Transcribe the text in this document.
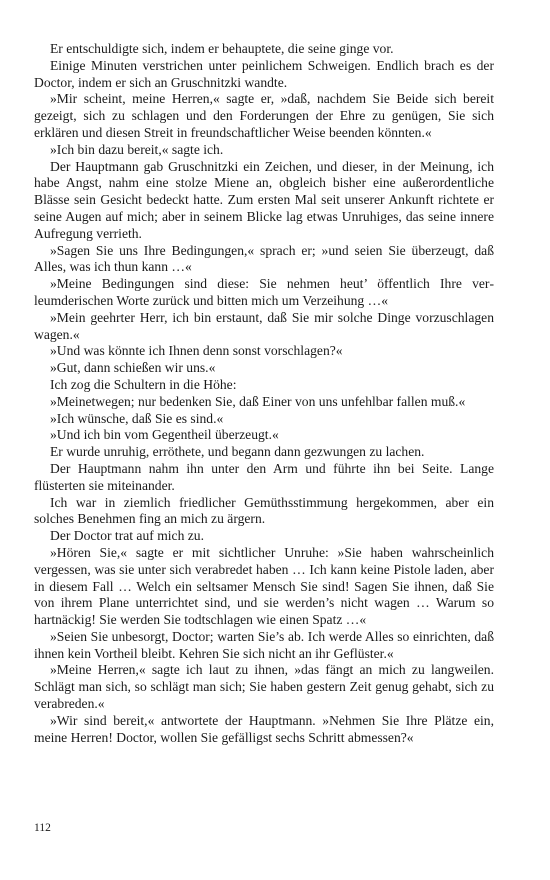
Er entschuldigte sich, indem er behauptete, die seine ginge vor.

Einige Minuten verstrichen unter peinlichem Schweigen. Endlich brach es der Doctor, indem er sich an Gruschnitzki wandte.

»Mir scheint, meine Herren,« sagte er, »daß, nachdem Sie Beide sich bereit gezeigt, sich zu schlagen und den Forderungen der Ehre zu genügen, Sie sich erklären und diesen Streit in freundschaftlicher Weise beenden könnten.«

»Ich bin dazu bereit,« sagte ich.

Der Hauptmann gab Gruschnitzki ein Zeichen, und dieser, in der Meinung, ich habe Angst, nahm eine stolze Miene an, obgleich bisher eine außerordentliche Blässe sein Gesicht bedeckt hatte. Zum ersten Mal seit unserer Ankunft richtete er seine Augen auf mich; aber in seinem Blicke lag etwas Unruhiges, das seine innere Aufregung verrieth.

»Sagen Sie uns Ihre Bedingungen,« sprach er; »und seien Sie überzeugt, daß Alles, was ich thun kann …«

»Meine Bedingungen sind diese: Sie nehmen heut’ öffentlich Ihre verleumderischen Worte zurück und bitten mich um Verzeihung …«

»Mein geehrter Herr, ich bin erstaunt, daß Sie mir solche Dinge vorzuschlagen wagen.«

»Und was könnte ich Ihnen denn sonst vorschlagen?«

»Gut, dann schießen wir uns.«

Ich zog die Schultern in die Höhe:

»Meinetwegen; nur bedenken Sie, daß Einer von uns unfehlbar fallen muß.«

»Ich wünsche, daß Sie es sind.«

»Und ich bin vom Gegentheil überzeugt.«

Er wurde unruhig, erröthete, und begann dann gezwungen zu lachen.

Der Hauptmann nahm ihn unter den Arm und führte ihn bei Seite. Lange flüsterten sie miteinander.

Ich war in ziemlich friedlicher Gemüthsstimmung hergekommen, aber ein solches Benehmen fing an mich zu ärgern.

Der Doctor trat auf mich zu.

»Hören Sie,« sagte er mit sichtlicher Unruhe: »Sie haben wahrscheinlich vergessen, was sie unter sich verabredet haben … Ich kann keine Pistole laden, aber in diesem Fall … Welch ein seltsamer Mensch Sie sind! Sagen Sie ihnen, daß Sie von ihrem Plane unterrichtet sind, und sie werden’s nicht wagen … Warum so hartnäckig! Sie werden Sie todtschlagen wie einen Spatz …«

»Seien Sie unbesorgt, Doctor; warten Sie’s ab. Ich werde Alles so einrichten, daß ihnen kein Vortheil bleibt. Kehren Sie sich nicht an ihr Geflüster.«

»Meine Herren,« sagte ich laut zu ihnen, »das fängt an mich zu langweilen. Schlägt man sich, so schlägt man sich; Sie haben gestern Zeit genug gehabt, sich zu verabreden.«

»Wir sind bereit,« antwortete der Hauptmann. »Nehmen Sie Ihre Plätze ein, meine Herren! Doctor, wollen Sie gefälligst sechs Schritt abmessen?«

112
